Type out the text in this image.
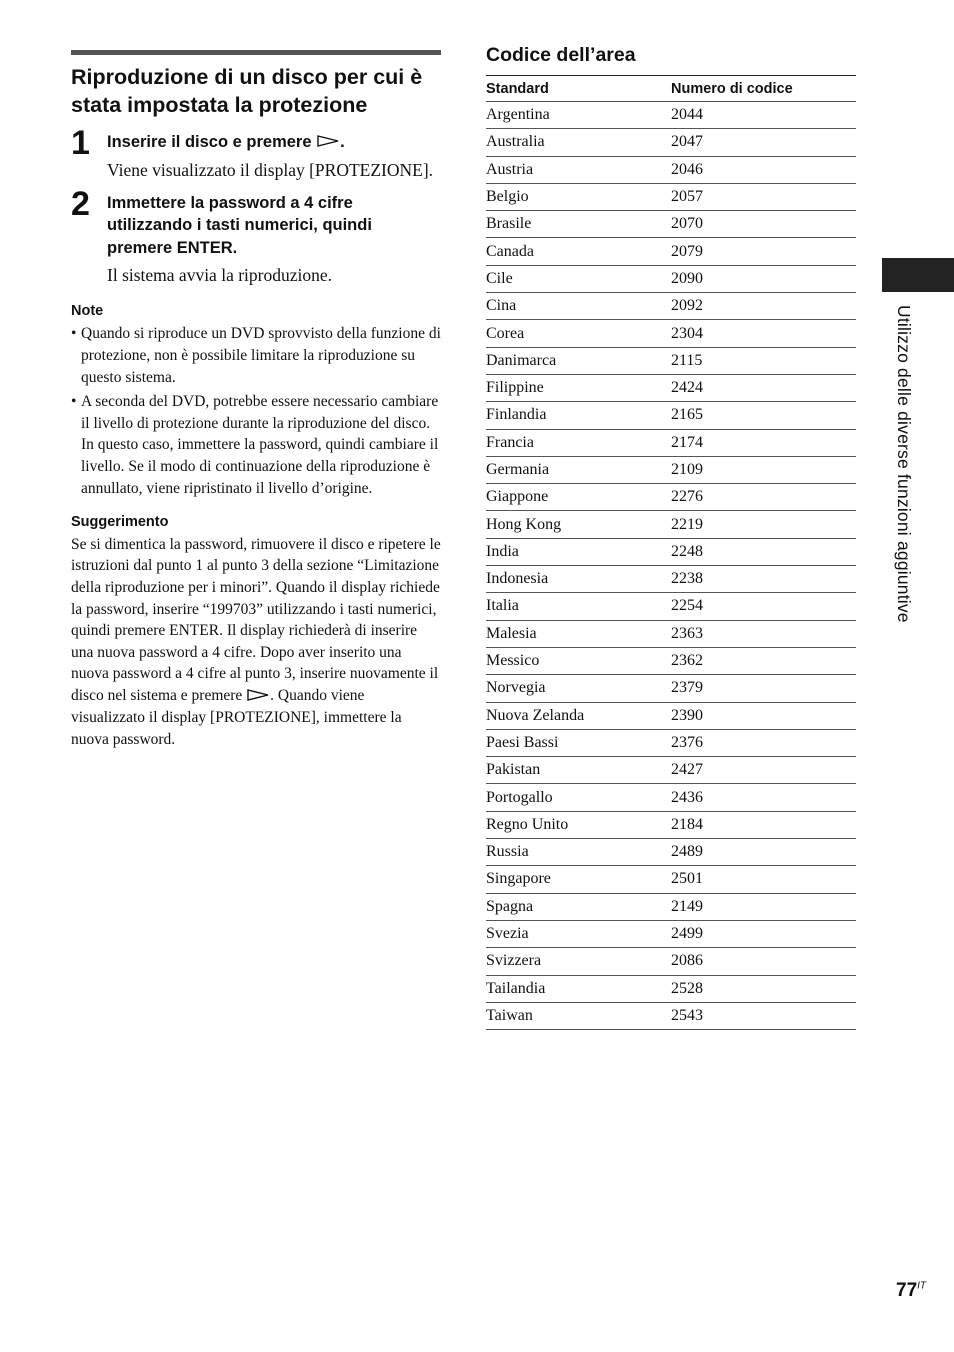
Riproduzione di un disco per cui è stata impostata la protezione
1 Inserire il disco e premere .
Viene visualizzato il display [PROTEZIONE].
2 Immettere la password a 4 cifre utilizzando i tasti numerici, quindi premere ENTER.
Il sistema avvia la riproduzione.
Note
• Quando si riproduce un DVD sprovvisto della funzione di protezione, non è possibile limitare la riproduzione su questo sistema.
• A seconda del DVD, potrebbe essere necessario cambiare il livello di protezione durante la riproduzione del disco. In questo caso, immettere la password, quindi cambiare il livello. Se il modo di continuazione della riproduzione è annullato, viene ripristinato il livello d’origine.
Suggerimento
Se si dimentica la password, rimuovere il disco e ripetere le istruzioni dal punto 1 al punto 3 della sezione “Limitazione della riproduzione per i minori”. Quando il display richiede la password, inserire “199703” utilizzando i tasti numerici, quindi premere ENTER. Il display richiederà di inserire una nuova password a 4 cifre. Dopo aver inserito una nuova password a 4 cifre al punto 3, inserire nuovamente il disco nel sistema e premere . Quando viene visualizzato il display [PROTEZIONE], immettere la nuova password.
Codice dell’area
Standard	Numero di codice
Argentina	2044
Australia	2047
Austria	2046
Belgio	2057
Brasile	2070
Canada	2079
Cile	2090
Cina	2092
Corea	2304
Danimarca	2115
Filippine	2424
Finlandia	2165
Francia	2174
Germania	2109
Giappone	2276
Hong Kong	2219
India	2248
Indonesia	2238
Italia	2254
Malesia	2363
Messico	2362
Norvegia	2379
Nuova Zelanda	2390
Paesi Bassi	2376
Pakistan	2427
Portogallo	2436
Regno Unito	2184
Russia	2489
Singapore	2501
Spagna	2149
Svezia	2499
Svizzera	2086
Tailandia	2528
Taiwan	2543
Utilizzo delle diverse funzioni aggiuntive
$77^{IT}$
